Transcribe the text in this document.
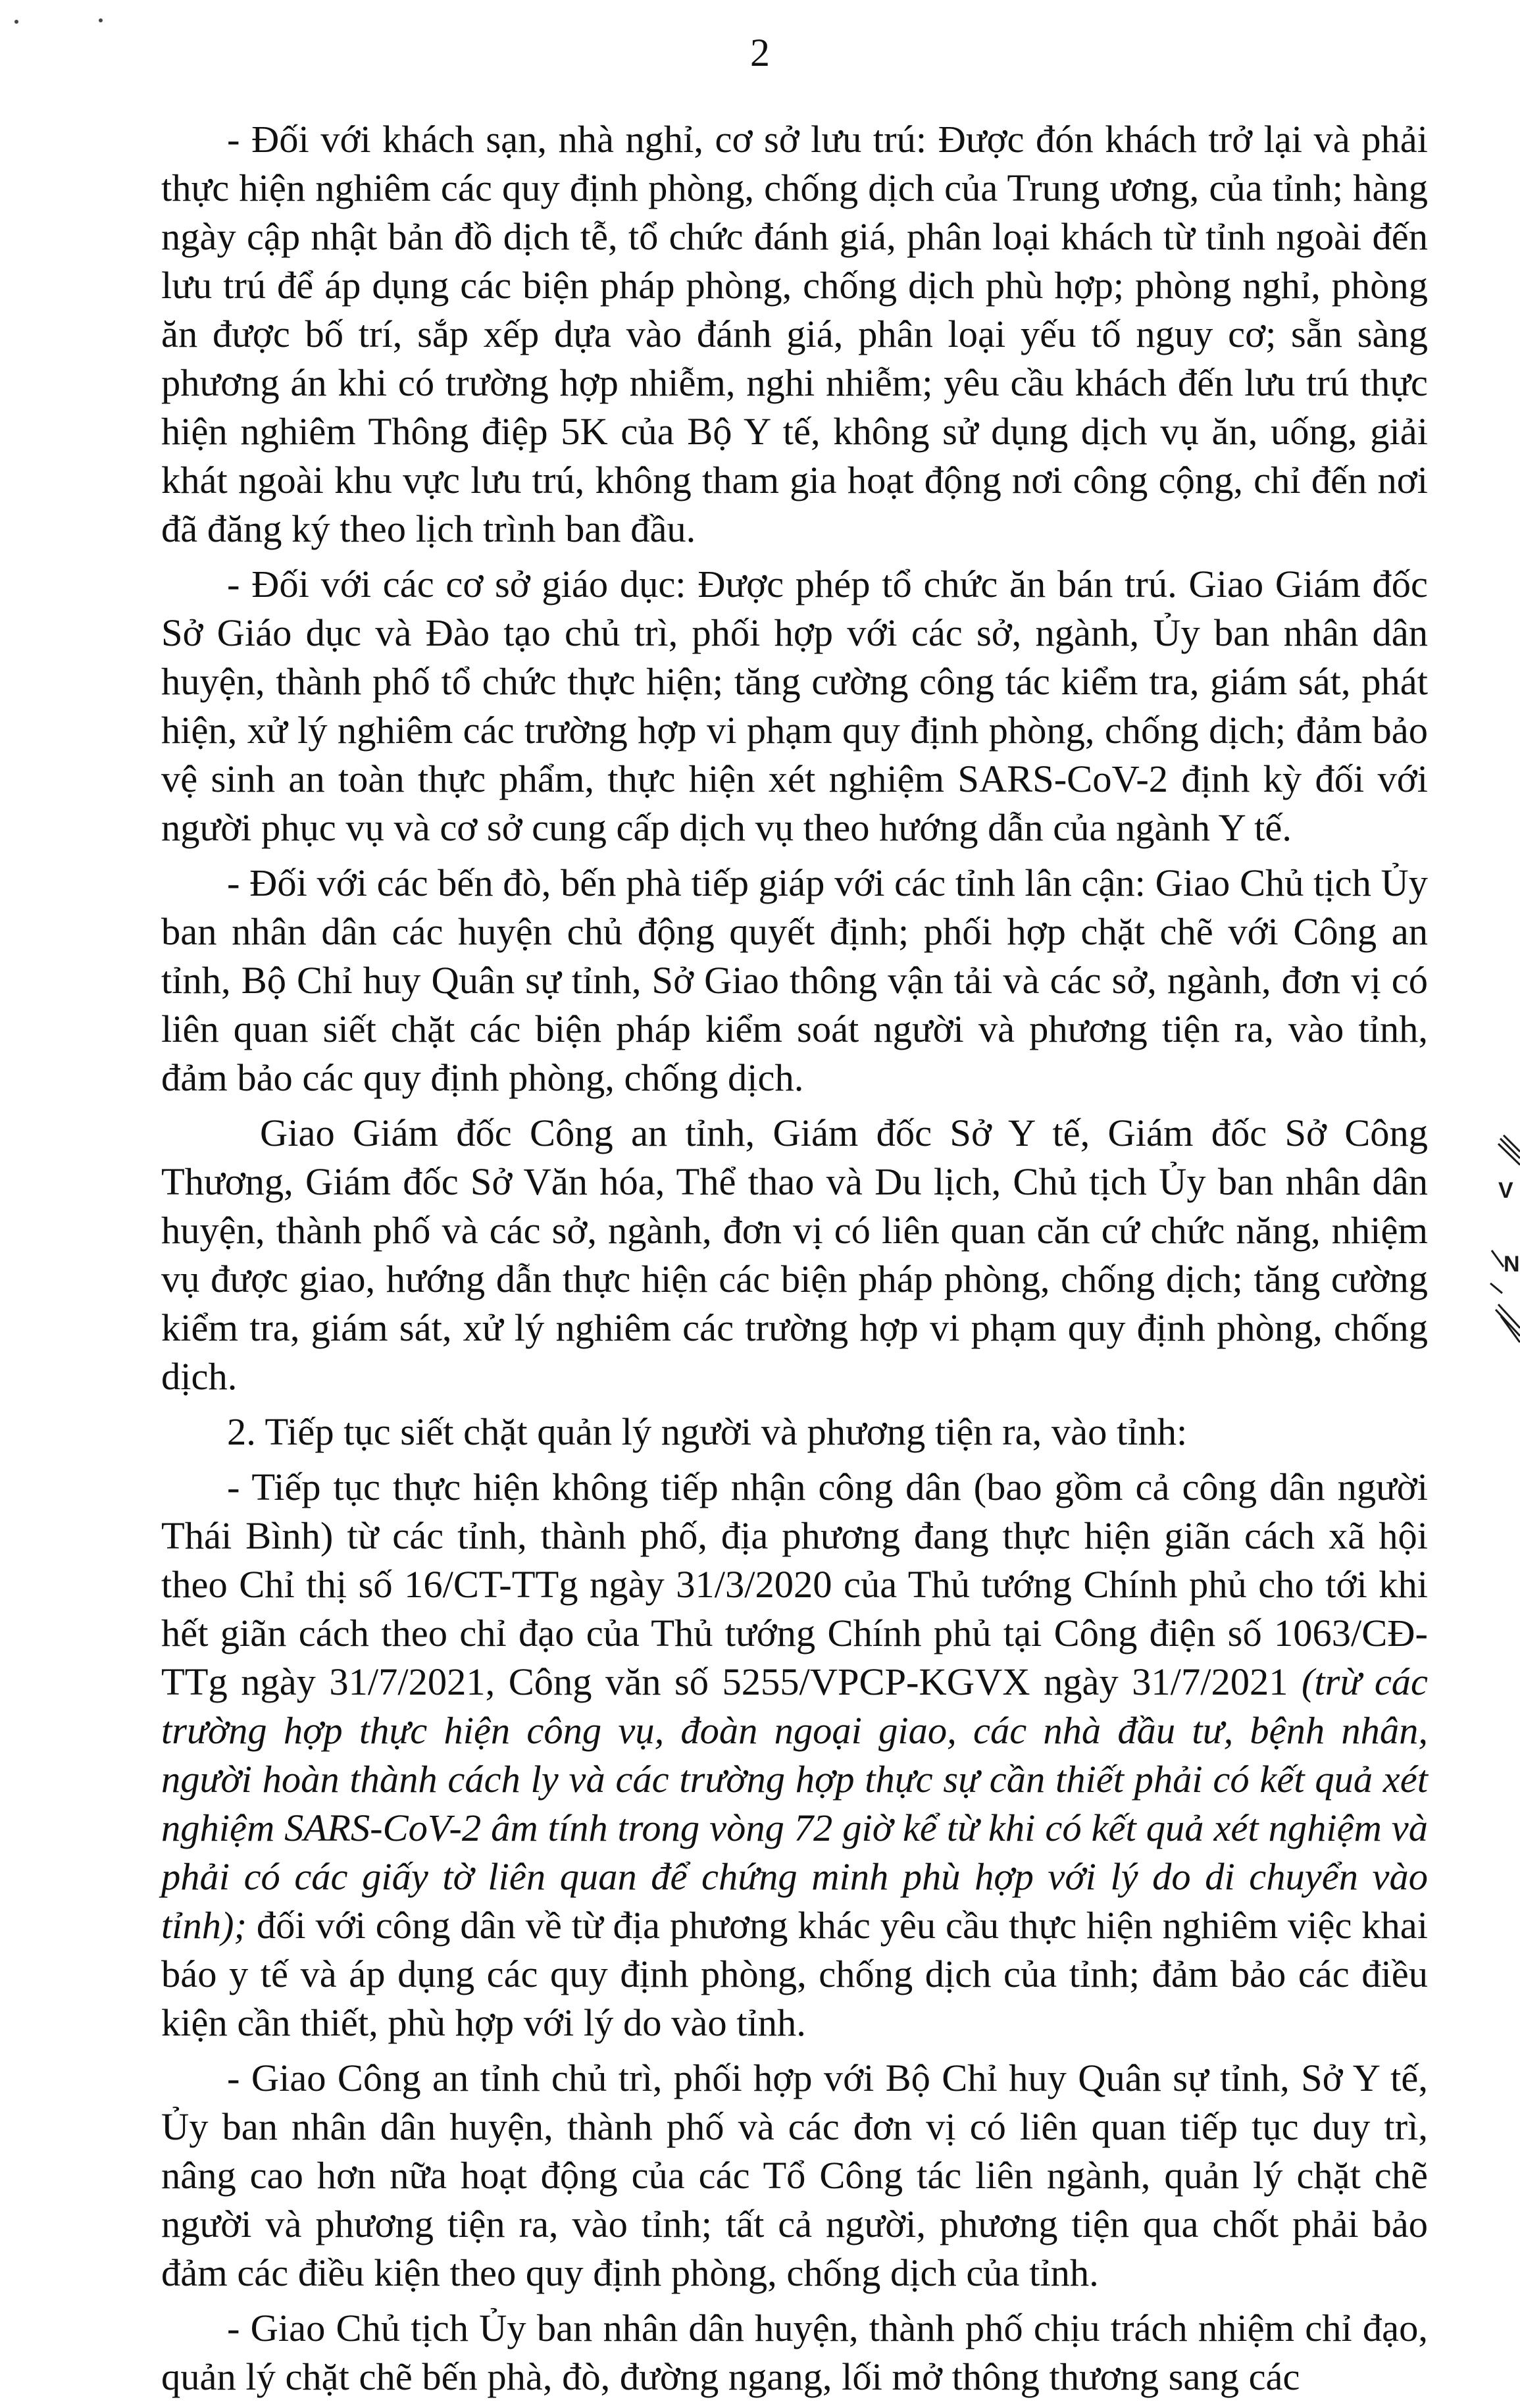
2

- Đối với khách sạn, nhà nghỉ, cơ sở lưu trú: Được đón khách trở lại và phải thực hiện nghiêm các quy định phòng, chống dịch của Trung ương, của tỉnh; hàng ngày cập nhật bản đồ dịch tễ, tổ chức đánh giá, phân loại khách từ tỉnh ngoài đến lưu trú để áp dụng các biện pháp phòng, chống dịch phù hợp; phòng nghỉ, phòng ăn được bố trí, sắp xếp dựa vào đánh giá, phân loại yếu tố nguy cơ; sẵn sàng phương án khi có trường hợp nhiễm, nghi nhiễm; yêu cầu khách đến lưu trú thực hiện nghiêm Thông điệp 5K của Bộ Y tế, không sử dụng dịch vụ ăn, uống, giải khát ngoài khu vực lưu trú, không tham gia hoạt động nơi công cộng, chỉ đến nơi đã đăng ký theo lịch trình ban đầu.

- Đối với các cơ sở giáo dục: Được phép tổ chức ăn bán trú. Giao Giám đốc Sở Giáo dục và Đào tạo chủ trì, phối hợp với các sở, ngành, Ủy ban nhân dân huyện, thành phố tổ chức thực hiện; tăng cường công tác kiểm tra, giám sát, phát hiện, xử lý nghiêm các trường hợp vi phạm quy định phòng, chống dịch; đảm bảo vệ sinh an toàn thực phẩm, thực hiện xét nghiệm SARS-CoV-2 định kỳ đối với người phục vụ và cơ sở cung cấp dịch vụ theo hướng dẫn của ngành Y tế.

- Đối với các bến đò, bến phà tiếp giáp với các tỉnh lân cận: Giao Chủ tịch Ủy ban nhân dân các huyện chủ động quyết định; phối hợp chặt chẽ với Công an tỉnh, Bộ Chỉ huy Quân sự tỉnh, Sở Giao thông vận tải và các sở, ngành, đơn vị có liên quan siết chặt các biện pháp kiểm soát người và phương tiện ra, vào tỉnh, đảm bảo các quy định phòng, chống dịch.

Giao Giám đốc Công an tỉnh, Giám đốc Sở Y tế, Giám đốc Sở Công Thương, Giám đốc Sở Văn hóa, Thể thao và Du lịch, Chủ tịch Ủy ban nhân dân huyện, thành phố và các sở, ngành, đơn vị có liên quan căn cứ chức năng, nhiệm vụ được giao, hướng dẫn thực hiện các biện pháp phòng, chống dịch; tăng cường kiểm tra, giám sát, xử lý nghiêm các trường hợp vi phạm quy định phòng, chống dịch.

2. Tiếp tục siết chặt quản lý người và phương tiện ra, vào tỉnh:

- Tiếp tục thực hiện không tiếp nhận công dân (bao gồm cả công dân người Thái Bình) từ các tỉnh, thành phố, địa phương đang thực hiện giãn cách xã hội theo Chỉ thị số 16/CT-TTg ngày 31/3/2020 của Thủ tướng Chính phủ cho tới khi hết giãn cách theo chỉ đạo của Thủ tướng Chính phủ tại Công điện số 1063/CĐ-TTg ngày 31/7/2021, Công văn số 5255/VPCP-KGVX ngày 31/7/2021 (trừ các trường hợp thực hiện công vụ, đoàn ngoại giao, các nhà đầu tư, bệnh nhân, người hoàn thành cách ly và các trường hợp thực sự cần thiết phải có kết quả xét nghiệm SARS-CoV-2 âm tính trong vòng 72 giờ kể từ khi có kết quả xét nghiệm và phải có các giấy tờ liên quan để chứng minh phù hợp với lý do di chuyển vào tỉnh); đối với công dân về từ địa phương khác yêu cầu thực hiện nghiêm việc khai báo y tế và áp dụng các quy định phòng, chống dịch của tỉnh; đảm bảo các điều kiện cần thiết, phù hợp với lý do vào tỉnh.

- Giao Công an tỉnh chủ trì, phối hợp với Bộ Chỉ huy Quân sự tỉnh, Sở Y tế, Ủy ban nhân dân huyện, thành phố và các đơn vị có liên quan tiếp tục duy trì, nâng cao hơn nữa hoạt động của các Tổ Công tác liên ngành, quản lý chặt chẽ người và phương tiện ra, vào tỉnh; tất cả người, phương tiện qua chốt phải bảo đảm các điều kiện theo quy định phòng, chống dịch của tỉnh.

- Giao Chủ tịch Ủy ban nhân dân huyện, thành phố chịu trách nhiệm chỉ đạo, quản lý chặt chẽ bến phà, đò, đường ngang, lối mở thông thương sang các

V
N
